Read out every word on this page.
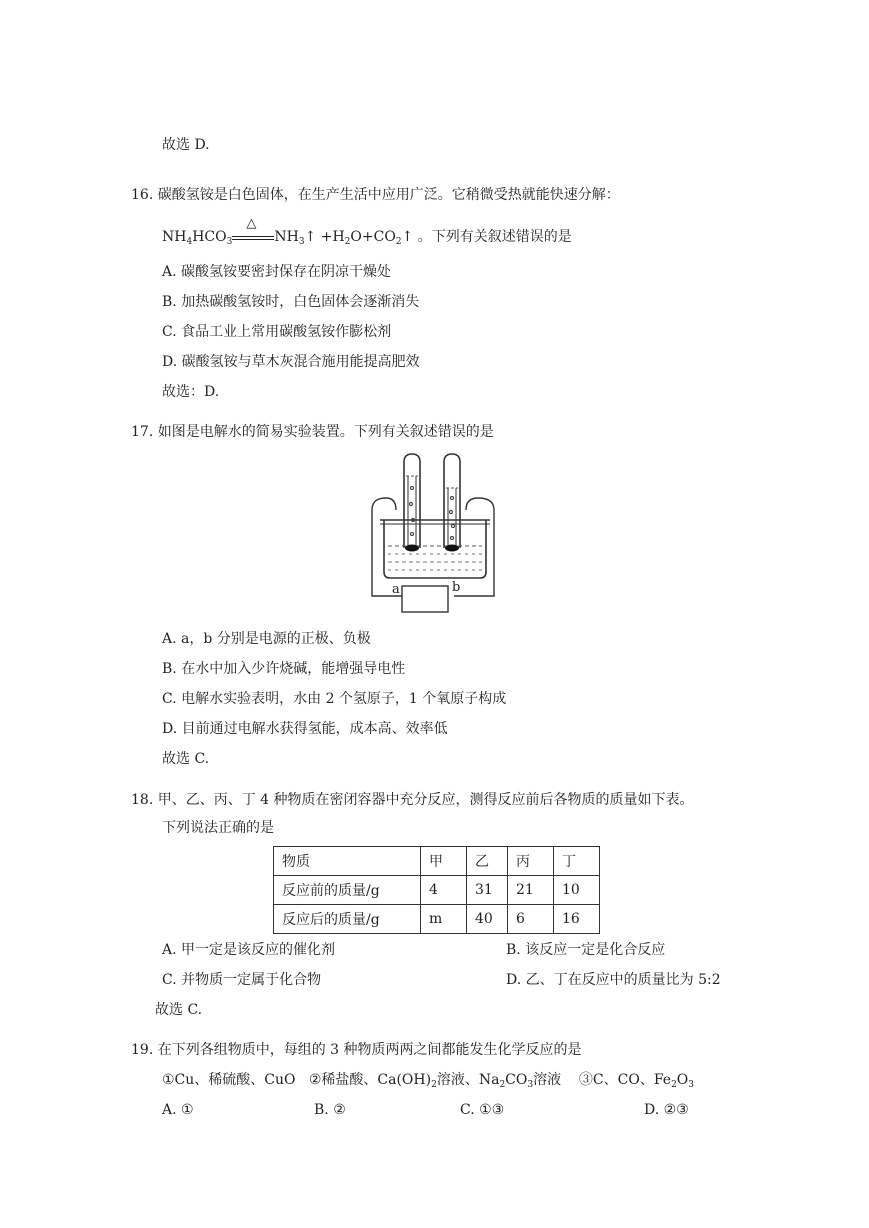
故选 D.
16. 碳酸氢铵是白色固体，在生产生活中应用广泛。它稍微受热就能快速分解：
$NH_4HCO_3$
△
$NH_3↑$ $+H_2O+CO_2↑$ 。下列有关叙述错误的是
A. 碳酸氢铵要密封保存在阴凉干燥处
B. 加热碳酸氢铵时，白色固体会逐渐消失
C. 食品工业上常用碳酸氢铵作膨松剂
D. 碳酸氢铵与草木灰混合施用能提高肥效
故选：D.
17. 如图是电解水的简易实验装置。下列有关叙述错误的是
a	b
A. a，b 分别是电源的正极、负极
B. 在水中加入少许烧碱，能增强导电性
C. 电解水实验表明，水由 2 个氢原子，1 个氧原子构成
D. 目前通过电解水获得氢能，成本高、效率低
故选 C.
18. 甲、乙、丙、丁 4 种物质在密闭容器中充分反应，测得反应前后各物质的质量如下表。
下列说法正确的是
物质	甲	乙	丙	丁
反应前的质量/g	4	31	21	10
反应后的质量/g	m	40	6	16
A. 甲一定是该反应的催化剂	B. 该反应一定是化合反应
C. 并物质一定属于化合物	D. 乙、丁在反应中的质量比为 5:2
故选 C.
19. 在下列各组物质中，每组的 3 种物质两两之间都能发生化学反应的是
①Cu、稀硫酸、CuO ②稀盐酸、$Ca(OH)_2$溶液、$Na_2CO_3$溶液 ③C、CO、$Fe_2O_3$
A. ①	B. ②	C. ①③	D. ②③
